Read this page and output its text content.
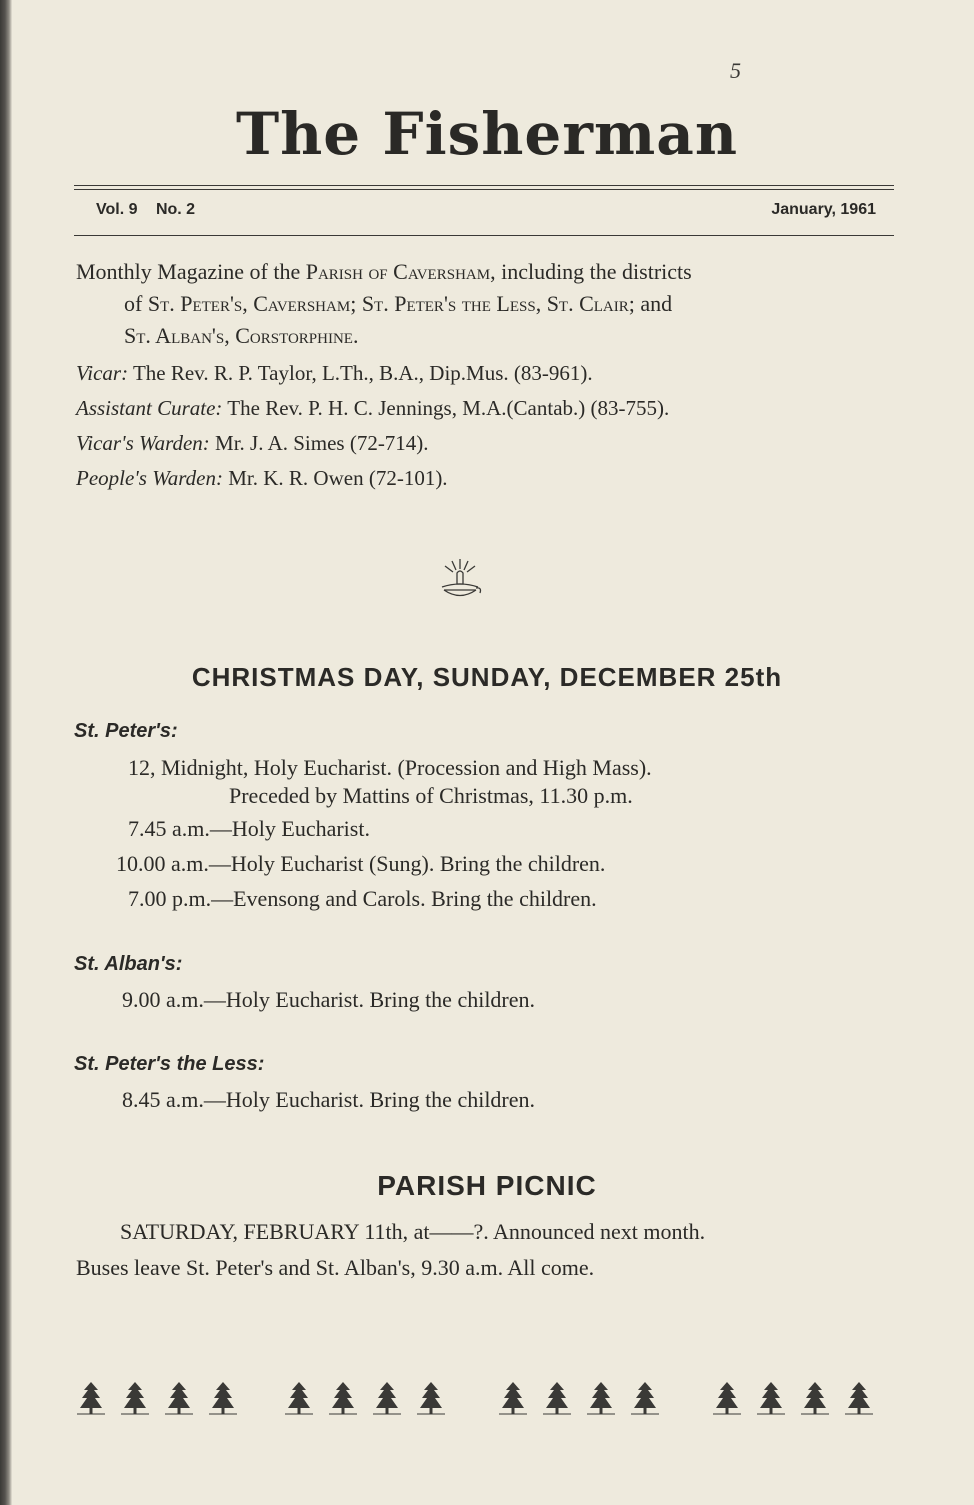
5
The Fisherman
Vol. 9 No. 2	January, 1961
Monthly Magazine of the Parish of Caversham, including the districts
of St. Peter's, Caversham; St. Peter's the Less, St. Clair; and
St. Alban's, Corstorphine.
Vicar: The Rev. R. P. Taylor, L.Th., B.A., Dip.Mus. (83-961).
Assistant Curate: The Rev. P. H. C. Jennings, M.A.(Cantab.) (83-755).
Vicar's Warden: Mr. J. A. Simes (72-714).
People's Warden: Mr. K. R. Owen (72-101).
CHRISTMAS DAY, SUNDAY, DECEMBER 25th
St. Peter's:
12, Midnight, Holy Eucharist. (Procession and High Mass).
Preceded by Mattins of Christmas, 11.30 p.m.
7.45 a.m.—Holy Eucharist.
10.00 a.m.—Holy Eucharist (Sung). Bring the children.
7.00 p.m.—Evensong and Carols. Bring the children.
St. Alban's:
9.00 a.m.—Holy Eucharist. Bring the children.
St. Peter's the Less:
8.45 a.m.—Holy Eucharist. Bring the children.
PARISH PICNIC
SATURDAY, FEBRUARY 11th, at——?. Announced next month.
Buses leave St. Peter's and St. Alban's, 9.30 a.m. All come.
